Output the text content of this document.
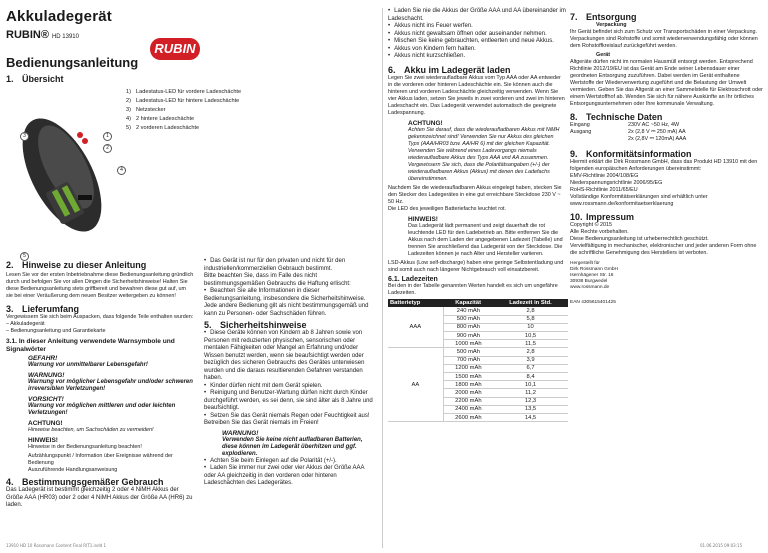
Akkuladegerät
RUBIN® HD 13910
Bedienungsanleitung
1. Übersicht
RUBIN
1) Ladestatus-LED für vordere Ladeschächte
2) Ladestatus-LED für hintere Ladeschächte
3) Netzstecker
4) 2 hintere Ladeschächte
5) 2 vorderen Ladeschächte
1
2
3
4
5
2. Hinweise zu dieser Anleitung

Lesen Sie vor der ersten Inbetriebnahme diese Bedienungsanleitung gründlich durch und befolgen Sie vor allen Dingen die Sicherheitshinweise! Halten Sie diese Bedienungsanleitung stets griffbereit und bewahren diese gut auf, um sie bei einer Veräußerung dem neuen Besitzer weitergeben zu können!

3. Lieferumfang

Vergewissern Sie sich beim Auspacken, dass folgende Teile enthalten wurden:

– Akkuladegerät

– Bedienungsanleitung und Garantiekarte

3.1. In dieser Anleitung verwendete Warnsymbole und Signalwörter

GEFAHR!
Warnung vor unmittelbarer Lebensgefahr!
WARNUNG!
Warnung vor möglicher Lebensgefahr und/oder schweren irreversiblen Verletzungen!
VORSICHT!
Warnung vor möglichen mittleren und oder leichten Verletzungen!
ACHTUNG!
Hinweise beachten, um Sachschäden zu vermeiden!
HINWEIS!
Hinweise in der Bedienungsanleitung beachten!
Aufzählungspunkt / Information über Ereignisse während der Bedienung
Auszuführende Handlungsanweisung
4. Bestimmungsgemäßer Gebrauch

Das Ladegerät ist bestimmt gleichzeitig 2 oder 4 NiMH Akkus der Größe AAA (HR03) oder 2 oder 4 NiMH Akkus der Größe AA (HR6) zu laden.

• Das Gerät ist nur für den privaten und nicht für den industriellen/kommerziellen Gebrauch bestimmt.

Bitte beachten Sie, dass im Falle des nicht bestimmungsgemäßen Gebrauchs die Haftung erlischt:

• Beachten Sie alle Informationen in dieser Bedienungsanleitung, insbesondere die Sicherheitshinweise. Jede andere Bedienung gilt als nicht bestimmungsgemäß und kann zu Personen- oder Sachschäden führen.
5. Sicherheitshinweise
• Diese Geräte können von Kindern ab 8 Jahren sowie von Personen mit reduzierten physischen, sensorischen oder mentalen Fähigkeiten oder Mangel an Erfahrung und/oder Wissen benutzt werden, wenn sie beaufsichtigt werden oder bezüglich des sicheren Gebrauchs des Gerätes unterwiesen wurden und die daraus resultierenden Gefahren verstanden haben.
• Kinder dürfen nicht mit dem Gerät spielen.
• Reinigung und Benutzer-Wartung dürfen nicht durch Kinder durchgeführt werden, es sei denn, sie sind älter als 8 Jahre und beaufsichtigt.
• Setzen Sie das Gerät niemals Regen oder Feuchtigkeit aus! Betreiben Sie das Gerät niemals im Freien!
WARNUNG!
Verwenden Sie keine nicht aufladbaren Batterien, diese können im Ladegerät überhitzen und ggf. explodieren.
• Achten Sie beim Einlegen auf die Polarität (+/-).
• Laden Sie immer nur zwei oder vier Akkus der Größe AAA oder AA gleichzeitig in den vorderen oder hinteren Ladeschächten des Ladegerätes.
• Laden Sie nie die Akkus der Größe AAA und AA übereinander im Ladeschacht.
• Akkus nicht ins Feuer werfen.
• Akkus nicht gewaltsam öffnen oder auseinander nehmen.
• Mischen Sie keine gebrauchten, entleerten und neue Akkus.
• Akkus von Kindern fern halten.
• Akkus nicht kurzschließen.
6. Akku im Ladegerät laden

Legen Sie zwei wiederaufladbare Akkus vom Typ AAA oder AA entweder in die vorderen oder hinteren Ladeschächte ein. Sie können auch die hinteren und vorderen Ladeschächte gleichzeitig verwenden. Wenn Sie vier Akkus laden, setzen Sie jeweils in zwei vorderen und zwei im hinteren Ladeschacht ein. Das Ladegerät verwendet automatisch die geeignete Ladespannung.

ACHTUNG!
Achten Sie darauf, dass die wiederaufladbaren Akkus mit NiMH gekennzeichnet sind! Verwenden Sie nur Akkus des gleichen Typs (AAA/HR03 bzw. AA/HR 6) mit der gleichen Kapazität. Verwenden Sie während eines Ladevorgangs niemals wiederaufladbare Akkus des Typs AAA und AA zusammen. Vergewissern Sie sich, dass die Polaritätsangaben (+/-) der wiederaufladbaren Akkus (Akkus) mit denen des Ladefachs übereinstimmen.

Nachdem Sie die wiederaufladbaren Akkus eingelegt haben, stecken Sie den Stecker des Ladegerätes in eine gut erreichbare Steckdose 230 V ~ 50 Hz.

Die LED des jeweiligen Batteriefachs leuchtet rot.

HINWEIS!
Das Ladegerät lädt permanent und zeigt dauerhaft die rot leuchtende LED für den Ladebetrieb an. Bitte entfernen Sie die Akkus nach dem Laden der angegebenen Ladezeit (Tabelle) und trennen Sie anschließend das Ladegerät von der Steckdose. Die Ladezeiten können je nach Alter und Hersteller variieren.

LSD-Akkus (Low self-discharge) haben eine geringe Selbstentladung und sind somit auch nach längerer Nichtgebrauch voll einsatzbereit.

6.1. Ladezeiten

Bei den in der Tabelle genannten Werten handelt es sich um ungefähre Ladezeiten.

Batterietyp	Kapazität	Ladezeit in Std.
AAA	240 mAh	2,8
	500 mAh	5,8
	800 mAh	10
	900 mAh	10,5
	1000 mAh	11,5
AA	500 mAh	2,8
	700 mAh	3,9
	1200 mAh	6,7
	1500 mAh	8,4
	1800 mAh	10,1
	2000 mAh	11,2
	2200 mAh	12,3
	2400 mAh	13,5
	2600 mAh	14,5
7. Entsorgung

Verpackung

Ihr Gerät befindet sich zum Schutz vor Transportschäden in einer Verpackung. Verpackungen sind Rohstoffe und somit wiederverwendungsfähig oder können dem Rohstoffkreislauf zurückgeführt werden.

Gerät

Altgeräte dürfen nicht im normalen Hausmüll entsorgt werden. Entsprechend Richtlinie 2012/19/EU ist das Gerät am Ende seiner Lebensdauer einer geordneten Entsorgung zuzuführen. Dabei werden im Gerät enthaltene Wertstoffe der Wiederverwertung zugeführt und die Belastung der Umwelt vermieden. Geben Sie das Altgerät an einer Sammelstelle für Elektroschrott oder einem Wertstoffhof ab. Wenden Sie sich für nähere Auskünfte an Ihr örtliches Entsorgungsunternehmen oder Ihre kommunale Verwaltung.

8. Technische Daten
Eingang	230V AC ~50 Hz, 4W
Ausgang	2x (2,8 V ⎓ 250 mA) AA
2x (2,8V ⎓ 120mA) AAA
9. Konformitätsinformation

Hiermit erklärt die Dirk Rossmann GmbH, dass das Produkt HD 13910 mit den folgenden europäischen Anforderungen übereinstimmt:

EMV-Richtlinie 2004/108/EG

Niederspannungsrichtlinie 2006/95/EG

RoHS-Richtlinie 2011/65/EU

Vollständige Konformitätserklärungen sind erhältlich unter www.rossmann.de/konformitaetserklaerung

10. Impressum

Copyright © 2015

Alle Rechte vorbehalten.

Diese Bedienungsanleitung ist urheberrechtlich geschützt.

Vervielfältigung in mechanischer, elektronischer und jeder anderen Form ohne die schriftliche Genehmigung des Herstellers ist verboten.

Hergestellt für
Dirk Rossmann GmbH
Isernhägener Str. 16
30938 Burgwedel
www.rossmann.de

EAN 4305615401425

13910 HD 10 Rossmann Content Final RIT1.indd 1	01.06.2015 09:03:15
